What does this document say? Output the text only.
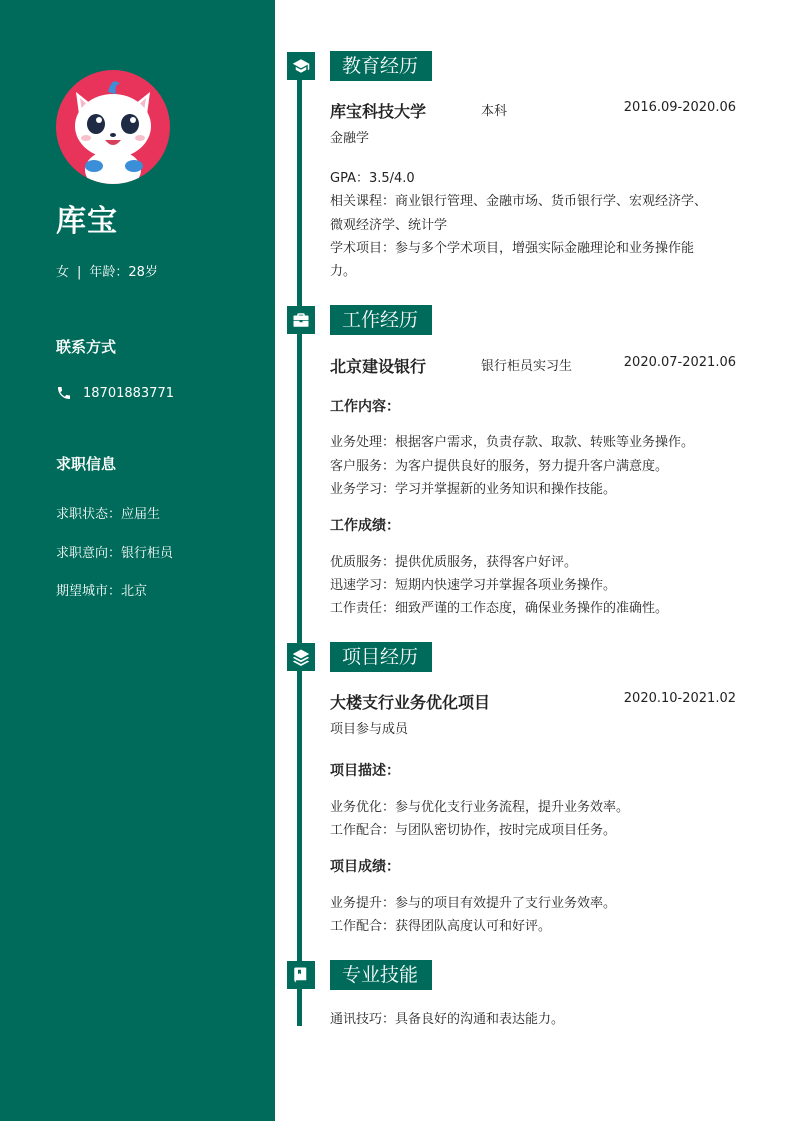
库宝
女 | 年龄：28岁
联系方式
18701883771
求职信息
求职状态：应届生
求职意向：银行柜员
期望城市：北京
教育经历
库宝科技大学	本科	2016.09-2020.06
金融学
GPA：3.5/4.0
相关课程：商业银行管理、金融市场、货币银行学、宏观经济学、
微观经济学、统计学
学术项目：参与多个学术项目，增强实际金融理论和业务操作能
力。
工作经历
北京建设银行	银行柜员实习生	2020.07-2021.06
工作内容：
业务处理：根据客户需求，负责存款、取款、转账等业务操作。
客户服务：为客户提供良好的服务，努力提升客户满意度。
业务学习：学习并掌握新的业务知识和操作技能。
工作成绩：
优质服务：提供优质服务，获得客户好评。
迅速学习：短期内快速学习并掌握各项业务操作。
工作责任：细致严谨的工作态度，确保业务操作的准确性。
项目经历
大楼支行业务优化项目	2020.10-2021.02
项目参与成员
项目描述：
业务优化：参与优化支行业务流程，提升业务效率。
工作配合：与团队密切协作，按时完成项目任务。
项目成绩：
业务提升：参与的项目有效提升了支行业务效率。
工作配合：获得团队高度认可和好评。
专业技能
通讯技巧：具备良好的沟通和表达能力。
